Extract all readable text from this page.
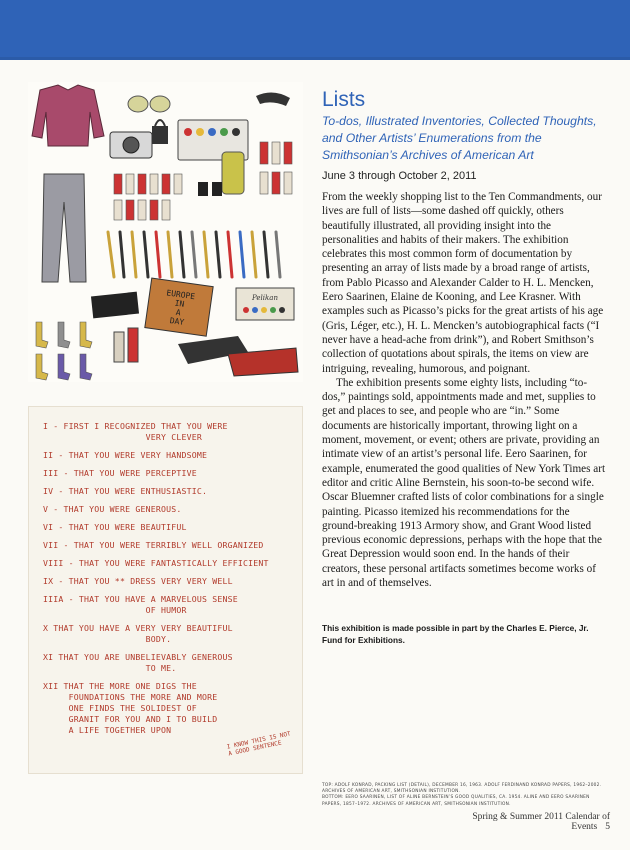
EUROPEINADAY
Pelikan
I - FIRST I RECOGNIZED THAT YOU WERE
VERY CLEVER
II - THAT YOU WERE VERY HANDSOME
III - THAT YOU WERE PERCEPTIVE
IV - THAT YOU WERE ENTHUSIASTIC.
V - THAT YOU WERE GENEROUS.
VI - THAT YOU WERE BEAUTIFUL
VII - THAT YOU WERE TERRIBLY WELL ORGANIZED
VIII - THAT YOU WERE FANTASTICALLY EFFICIENT
IX - THAT YOU ** DRESS VERY VERY WELL
IIIA - THAT YOU HAVE A MARVELOUS SENSE
OF HUMOR
X THAT YOU HAVE A VERY VERY BEAUTIFUL
BODY.
XI THAT YOU ARE UNBELIEVABLY GENEROUS
TO ME.
XII THAT THE MORE ONE DIGS THE
FOUNDATIONS THE MORE AND MORE
ONE FINDS THE SOLIDEST OF
GRANIT FOR YOU AND I TO BUILD
A LIFE TOGETHER UPON
I KNOW THIS IS NOT
A GOOD SENTENCE
Lists

To-dos, Illustrated Inventories, Collected Thoughts, and Other Artists’ Enumerations from the Smithsonian’s Archives of American Art

June 3 through October 2, 2011

From the weekly shopping list to the Ten Commandments, our lives are full of lists—some dashed off quickly, others beautifully illustrated, all providing insight into the personalities and habits of their makers. The exhibition celebrates this most common form of documentation by presenting an array of lists made by a broad range of artists, from Pablo Picasso and Alexander Calder to H. L. Mencken, Eero Saarinen, Elaine de Kooning, and Lee Krasner. With examples such as Picasso’s picks for the great artists of his age (Gris, Léger, etc.), H. L. Mencken’s autobiographical facts (“I never have a head-ache from drink”), and Robert Smithson’s collection of quotations about spirals, the items on view are intriguing, revealing, humorous, and poignant.

The exhibition presents some eighty lists, including “to-dos,” paintings sold, appointments made and met, supplies to get and places to see, and people who are “in.” Some documents are historically important, throwing light on a moment, movement, or event; others are private, providing an intimate view of an artist’s personal life. Eero Saarinen, for example, enumerated the good qualities of New York Times art editor and critic Aline Bernstein, his soon-to-be second wife. Oscar Bluemner crafted lists of color combinations for a single painting. Picasso itemized his recommendations for the ground-breaking 1913 Armory show, and Grant Wood listed previous economic depressions, perhaps with the hope that the Great Depression would soon end. In the hands of their creators, these personal artifacts sometimes become works of art in and of themselves.

This exhibition is made possible in part by the Charles E. Pierce, Jr. Fund for Exhibitions.
TOP: ADOLF KONRAD, PACKING LIST (DETAIL), DECEMBER 16, 1963. ADOLF FERDINAND KONRAD PAPERS, 1962–2002. ARCHIVES OF AMERICAN ART, SMITHSONIAN INSTITUTION.
BOTTOM: EERO SAARINEN, LIST OF ALINE BERNSTEIN’S GOOD QUALITIES, CA. 1954. ALINE AND EERO SAARINEN PAPERS, 1857–1972. ARCHIVES OF AMERICAN ART, SMITHSONIAN INSTITUTION.
Spring & Summer 2011 Calendar of Events 5
